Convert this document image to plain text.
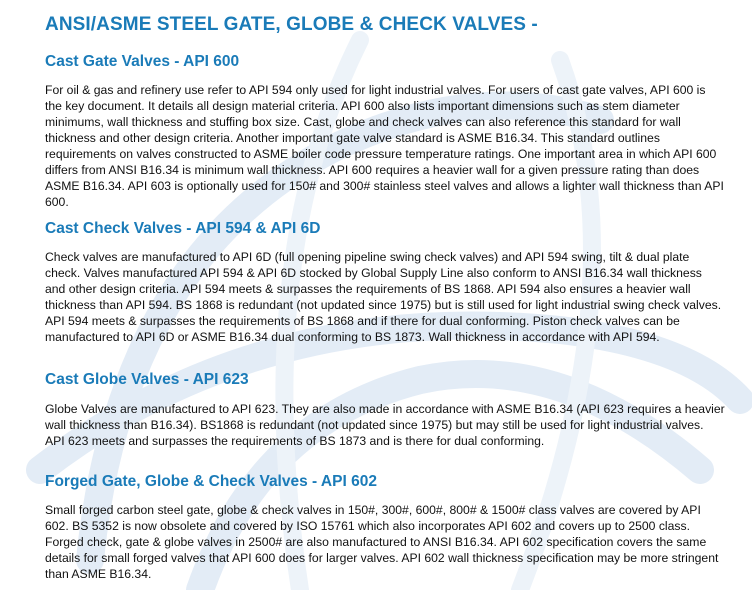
ANSI/ASME STEEL GATE, GLOBE & CHECK VALVES -
Cast Gate Valves - API 600

For oil & gas and refinery use refer to API 594 only used for light industrial valves. For users of cast gate valves, API 600 is the key document. It details all design material criteria. API 600 also lists important dimensions such as stem diameter minimums, wall thickness and stuffing box size. Cast, globe and check valves can also reference this standard for wall thickness and other design criteria. Another important gate valve standard is ASME B16.34. This standard outlines requirements on valves constructed to ASME boiler code pressure temperature ratings. One important area in which API 600 differs from ANSI B16.34 is minimum wall thickness. API 600 requires a heavier wall for a given pressure rating than does ASME B16.34. API 603 is optionally used for 150# and 300# stainless steel valves and allows a lighter wall thickness than API 600.

Cast Check Valves - API 594 & API 6D

Check valves are manufactured to API 6D (full opening pipeline swing check valves) and API 594 swing, tilt & dual plate check. Valves manufactured API 594 & API 6D stocked by Global Supply Line also conform to ANSI B16.34 wall thickness and other design criteria. API 594 meets & surpasses the requirements of BS 1868. API 594 also ensures a heavier wall thickness than API 594. BS 1868 is redundant (not updated since 1975) but is still used for light industrial swing check valves. API 594 meets & surpasses the requirements of BS 1868 and if there for dual conforming. Piston check valves can be manufactured to API 6D or ASME B16.34 dual conforming to BS 1873. Wall thickness in accordance with API 594.

Cast Globe Valves - API 623

Globe Valves are manufactured to API 623. They are also made in accordance with ASME B16.34 (API 623 requires a heavier wall thickness than B16.34). BS1868 is redundant (not updated since 1975) but may still be used for light industrial valves. API 623 meets and surpasses the requirements of BS 1873 and is there for dual conforming.

Forged Gate, Globe & Check Valves - API 602

Small forged carbon steel gate, globe & check valves in 150#, 300#, 600#, 800# & 1500# class valves are covered by API 602. BS 5352 is now obsolete and covered by ISO 15761 which also incorporates API 602 and covers up to 2500 class. Forged check, gate & globe valves in 2500# are also manufactured to ANSI B16.34. API 602 specification covers the same details for small forged valves that API 600 does for larger valves. API 602 wall thickness specification may be more stringent than ASME B16.34.
